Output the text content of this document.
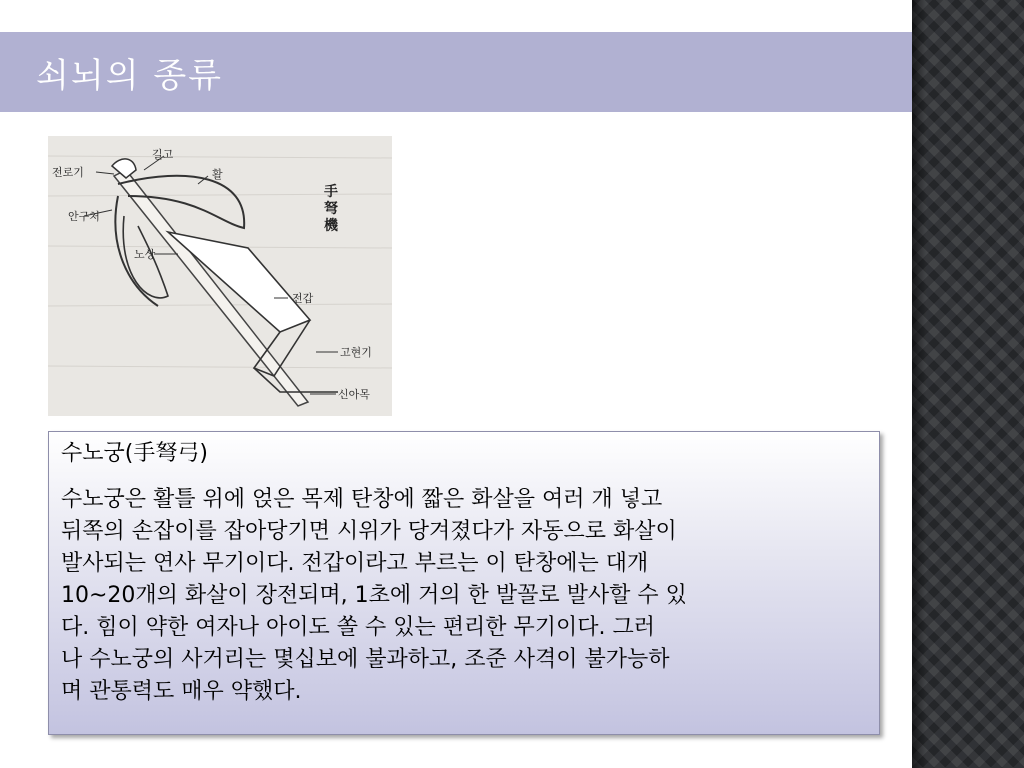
쇠뇌의 종류
길고
전로기	활
안구처
手弩機
노상
전갑
고현기
신아목

수노궁(手弩弓)

수노궁은 활틀 위에 얹은 목제 탄창에 짧은 화살을 여러 개 넣고
뒤쪽의 손잡이를 잡아당기면 시위가 당겨졌다가 자동으로 화살이
발사되는 연사 무기이다. 전갑이라고 부르는 이 탄창에는 대개
10~20개의 화살이 장전되며, 1초에 거의 한 발꼴로 발사할 수 있
다. 힘이 약한 여자나 아이도 쏠 수 있는 편리한 무기이다. 그러
나 수노궁의 사거리는 몇십보에 불과하고, 조준 사격이 불가능하
며 관통력도 매우 약했다.
